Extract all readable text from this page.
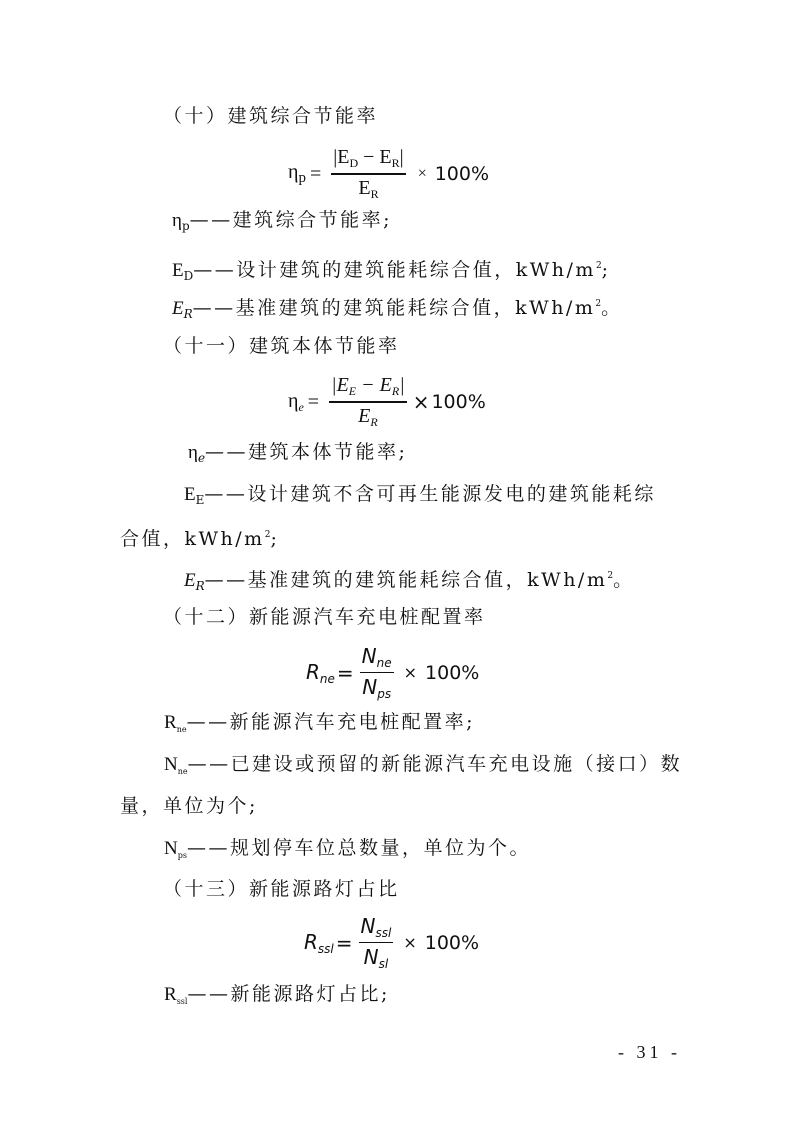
（十）建筑综合节能率
$\eta_p = \frac{|E_D - E_R|}{E_R} \times 100\%$
$\eta_p——$建筑综合节能率;
$E_D——$设计建筑的建筑能耗综合值，kWh/$m^2$;
$E_R——$基准建筑的建筑能耗综合值，kWh/$m^2$。
（十一）建筑本体节能率
$\eta_e = \frac{|E_E - E_R|}{E_R} \times 100\%$
$\eta_e——$建筑本体节能率;
$E_E——$设计建筑不含可再生能源发电的建筑能耗综
合值，kWh/$m^2$;
$E_R——$基准建筑的建筑能耗综合值，kWh/$m^2$。
（十二）新能源汽车充电桩配置率
$R_{ne} = \frac{N_{ne}}{N_{ps}} \times 100\%$
$R_{ne}——$新能源汽车充电桩配置率;
$N_{ne}——$已建设或预留的新能源汽车充电设施（接口）数
量，单位为个;
$N_{ps}——$规划停车位总数量，单位为个。
（十三）新能源路灯占比
$R_{ssl} = \frac{N_{ssl}}{N_{sl}} \times 100\%$
$R_{ssl}——$新能源路灯占比;
- 31 -
